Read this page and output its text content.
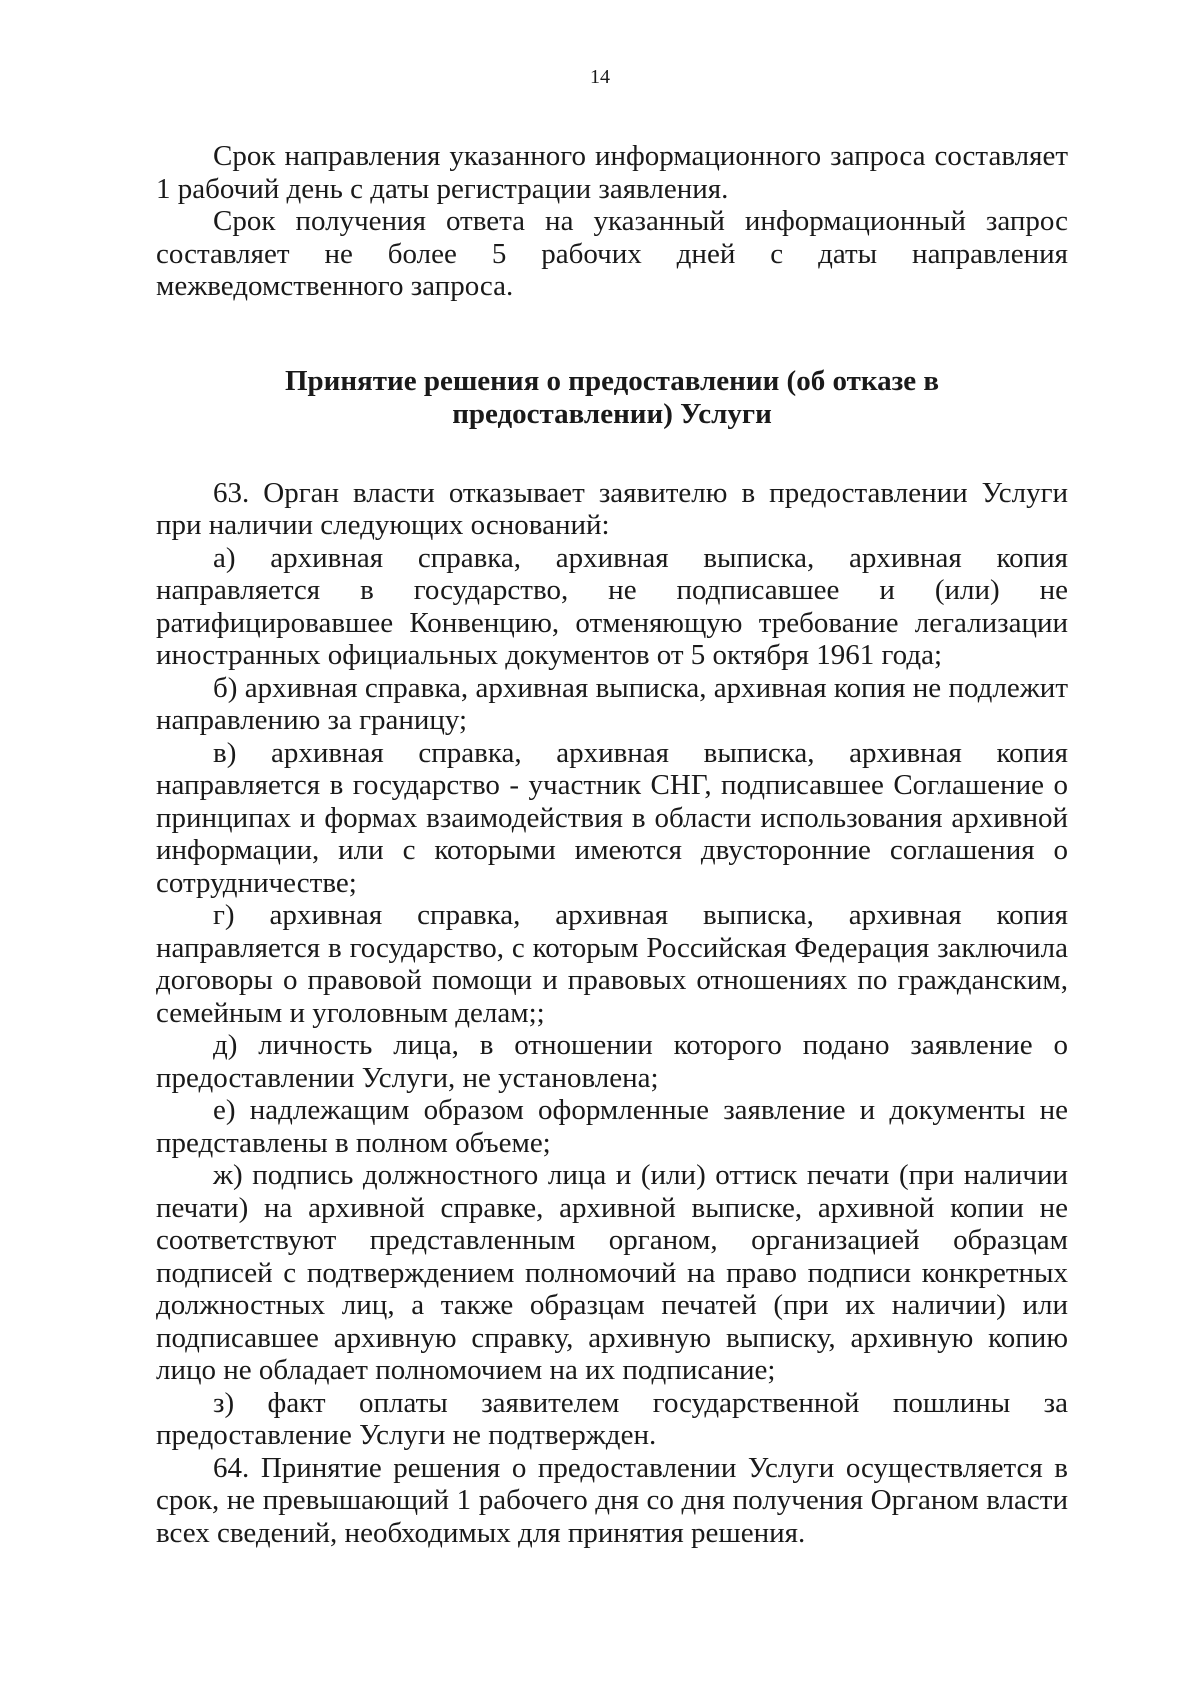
14

Срок направления указанного информационного запроса составляет 1 рабочий день с даты регистрации заявления.

Срок получения ответа на указанный информационный запрос составляет не более 5 рабочих дней с даты направления межведомственного запроса.

Принятие решения о предоставлении (об отказе в предоставлении) Услуги

63. Орган власти отказывает заявителю в предоставлении Услуги при наличии следующих оснований:

а) архивная справка, архивная выписка, архивная копия направляется в государство, не подписавшее и (или) не ратифицировавшее Конвенцию, отменяющую требование легализации иностранных официальных документов от 5 октября 1961 года;

б) архивная справка, архивная выписка, архивная копия не подлежит направлению за границу;

в) архивная справка, архивная выписка, архивная копия направляется в государство - участник СНГ, подписавшее Соглашение о принципах и формах взаимодействия в области использования архивной информации, или с которыми имеются двусторонние соглашения о сотрудничестве;

г) архивная справка, архивная выписка, архивная копия направляется в государство, с которым Российская Федерация заключила договоры о правовой помощи и правовых отношениях по гражданским, семейным и уголовным делам;;

д) личность лица, в отношении которого подано заявление о предоставлении Услуги, не установлена;

е) надлежащим образом оформленные заявление и документы не представлены в полном объеме;

ж) подпись должностного лица и (или) оттиск печати (при наличии печати) на архивной справке, архивной выписке, архивной копии не соответствуют представленным органом, организацией образцам подписей с подтверждением полномочий на право подписи конкретных должностных лиц, а также образцам печатей (при их наличии) или подписавшее архивную справку, архивную выписку, архивную копию лицо не обладает полномочием на их подписание;

з) факт оплаты заявителем государственной пошлины за предоставление Услуги не подтвержден.

64. Принятие решения о предоставлении Услуги осуществляется в срок, не превышающий 1 рабочего дня со дня получения Органом власти всех сведений, необходимых для принятия решения.
